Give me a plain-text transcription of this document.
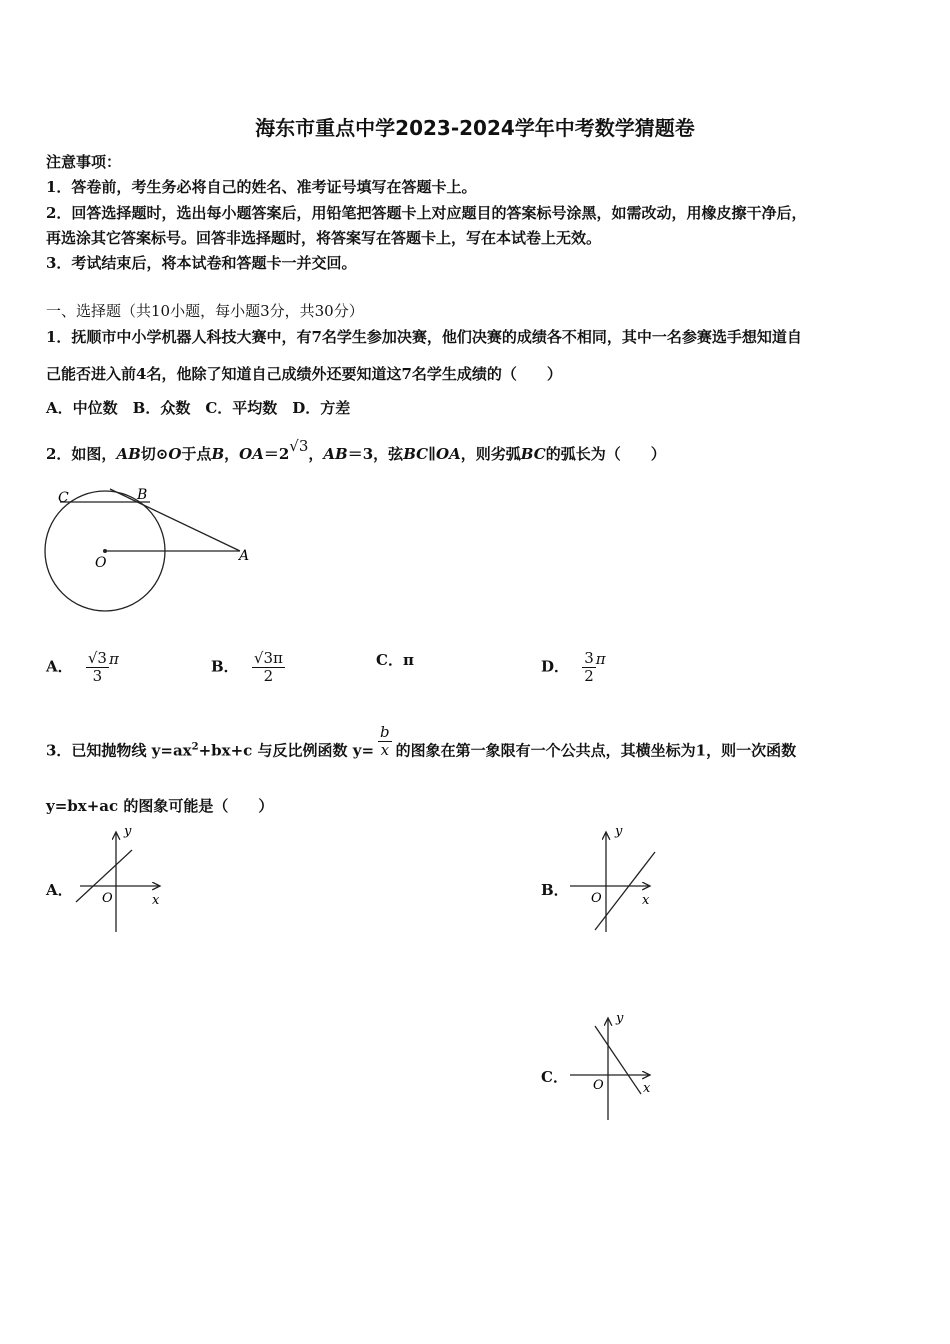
海东市重点中学2023-2024学年中考数学猜题卷
注意事项：
1．答卷前，考生务必将自己的姓名、准考证号填写在答题卡上。
2．回答选择题时，选出每小题答案后，用铅笔把答题卡上对应题目的答案标号涂黑，如需改动，用橡皮擦干净后，
再选涂其它答案标号。回答非选择题时，将答案写在答题卡上，写在本试卷上无效。
3．考试结束后，将本试卷和答题卡一并交回。
一、选择题（共10小题，每小题3分，共30分）
1．抚顺市中小学机器人科技大赛中，有7名学生参加决赛，他们决赛的成绩各不相同，其中一名参赛选手想知道自
己能否进入前4名，他除了知道自己成绩外还要知道这7名学生成绩的（　　）
A．中位数　B．众数　C．平均数　D．方差
2．如图，AB切⊙O于点B，OA＝2√3，AB＝3，弦BC∥OA，则劣弧BC的弧长为（　　）
C	B
O	A
A． $\frac{√3}{3}$ π	B． $\frac{√3\pi}{2}$	C．π	D． $\frac{3}{2}$ π
3．已知抛物线 $y=ax^2+bx+c$ 与反比例函数 $y= \frac{b}{x}$ 的图象在第一象限有一个公共点，其横坐标为1，则一次函数
y=bx+ac 的图象可能是（　　）
A．
y
x
O	B．
y
x
O
C．
y
x
O
